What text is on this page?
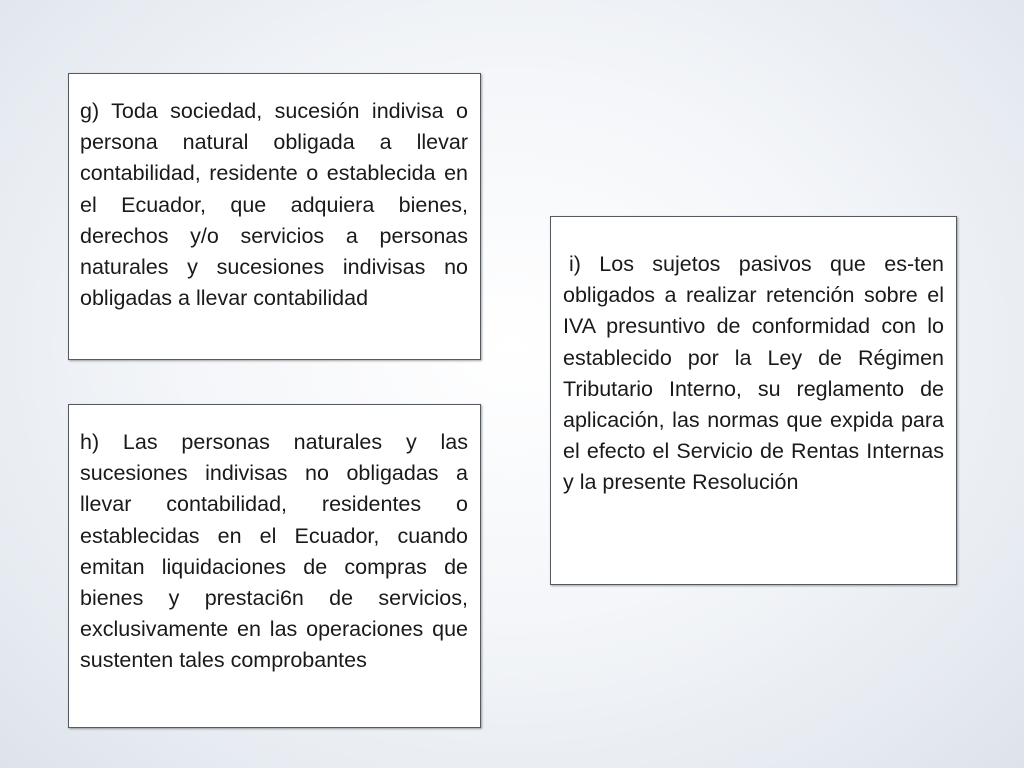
g) Toda sociedad, sucesión indivisa o persona natural obligada a llevar contabilidad, residente o establecida en el Ecuador, que adquiera bienes, derechos y/o servicios a personas naturales y sucesiones indivisas no obligadas a llevar contabilidad
h) Las personas naturales y las sucesiones indivisas no obligadas a llevar contabilidad, residentes o establecidas en el Ecuador, cuando emitan liquidaciones de compras de bienes y prestaci6n de servicios, exclusivamente en las operaciones que sustenten tales comprobantes
i) Los sujetos pasivos que es-ten obligados a realizar retención sobre el IVA presuntivo de conformidad con lo establecido por la Ley de Régimen Tributario Interno, su reglamento de aplicación, las normas que expida para el efecto el Servicio de Rentas Internas y la presente Resolución
